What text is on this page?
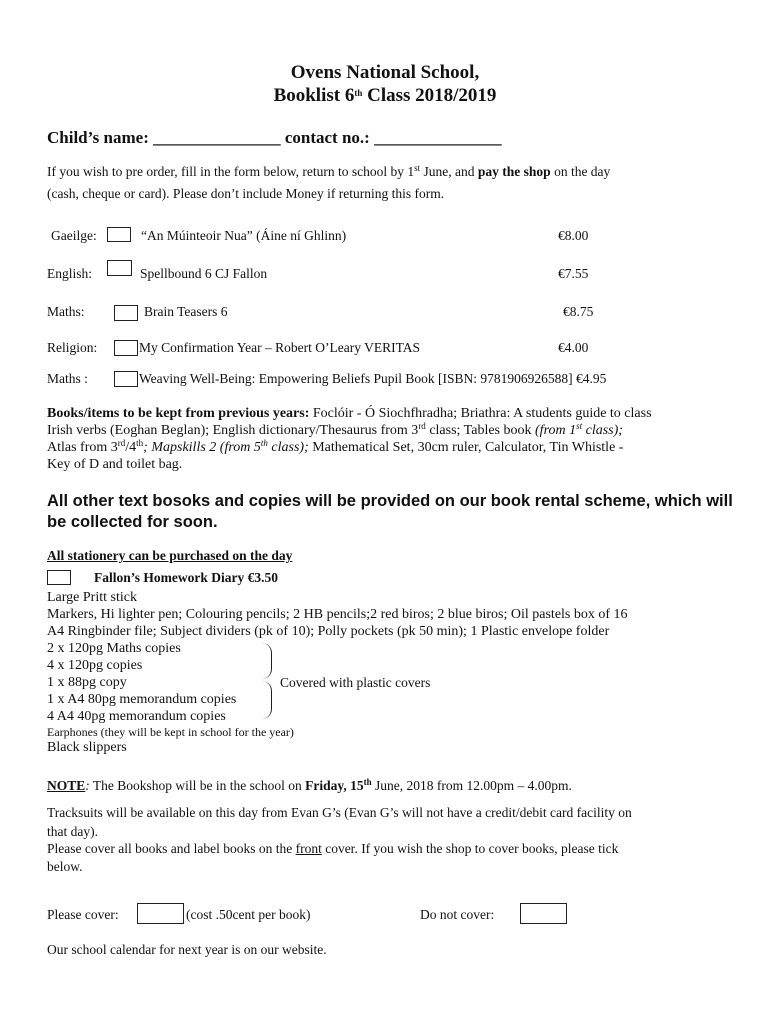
Ovens National School,
Booklist 6th Class 2018/2019
Child’s name: _______________ contact no.: _______________
If you wish to pre order, fill in the form below, return to school by 1st June, and pay the shop on the day
(cash, cheque or card). Please don’t include Money if returning this form.
Gaeilge:	“An Múinteoir Nua” (Áine ní Ghlinn)	€8.00
English:	Spellbound 6 CJ Fallon	€7.55
Maths:	Brain Teasers 6	€8.75
Religion:	My Confirmation Year – Robert O’Leary VERITAS	€4.00
Maths :	Weaving Well-Being: Empowering Beliefs Pupil Book [ISBN: 9781906926588] €4.95
Books/items to be kept from previous years: Foclóir - Ó Siochfhradha; Briathra: A students guide to class
Irish verbs (Eoghan Beglan); English dictionary/Thesaurus from 3rd class; Tables book (from 1st class);
Atlas from 3rd/4th; Mapskills 2 (from 5th class); Mathematical Set, 30cm ruler, Calculator, Tin Whistle -
Key of D and toilet bag.
All other text bosoks and copies will be provided on our book rental scheme, which will
be collected for soon.
All stationery can be purchased on the day
Fallon’s Homework Diary €3.50
Large Pritt stick
Markers, Hi lighter pen; Colouring pencils; 2 HB pencils;2 red biros; 2 blue biros; Oil pastels box of 16
A4 Ringbinder file; Subject dividers (pk of 10); Polly pockets (pk 50 min); 1 Plastic envelope folder
2 x 120pg Maths copies
4 x 120pg copies
1 x 88pg copy
1 x A4 80pg memorandum copies
4 A4 40pg memorandum copies
Covered with plastic covers
Earphones (they will be kept in school for the year)
Black slippers
NOTE: The Bookshop will be in the school on Friday, 15th June, 2018 from 12.00pm – 4.00pm.
Tracksuits will be available on this day from Evan G’s (Evan G’s will not have a credit/debit card facility on
that day).
Please cover all books and label books on the front cover. If you wish the shop to cover books, please tick
below.
Please cover:	(cost .50cent per book)	Do not cover:
Our school calendar for next year is on our website.
